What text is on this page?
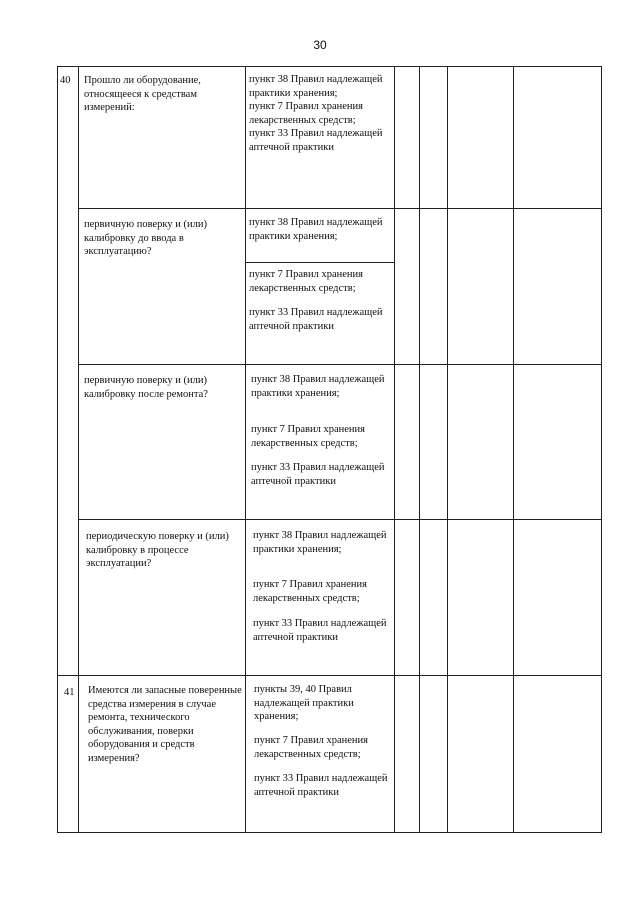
30
40 Прошло ли оборудование, относящееся к средствам измерений:
пункт 38 Правил надлежащей практики хранения;
пункт 7 Правил хранения лекарственных средств;
пункт 33 Правил надлежащей аптечной практики
первичную поверку и (или) калибровку до ввода в эксплуатацию?
пункт 38 Правил надлежащей практики хранения;
пункт 7 Правил хранения лекарственных средств;
пункт 33 Правил надлежащей аптечной практики
первичную поверку и (или) калибровку после ремонта?
пункт 38 Правил надлежащей практики хранения;
пункт 7 Правил хранения лекарственных средств;
пункт 33 Правил надлежащей аптечной практики
периодическую поверку и (или) калибровку в процессе эксплуатации?
пункт 38 Правил надлежащей практики хранения;
пункт 7 Правил хранения лекарственных средств;
пункт 33 Правил надлежащей аптечной практики
41 Имеются ли запасные поверенные средства измерения в случае ремонта, технического обслуживания, поверки оборудования и средств измерения?
пункты 39, 40 Правил надлежащей практики хранения;
пункт 7 Правил хранения лекарственных средств;
пункт 33 Правил надлежащей аптечной практики
